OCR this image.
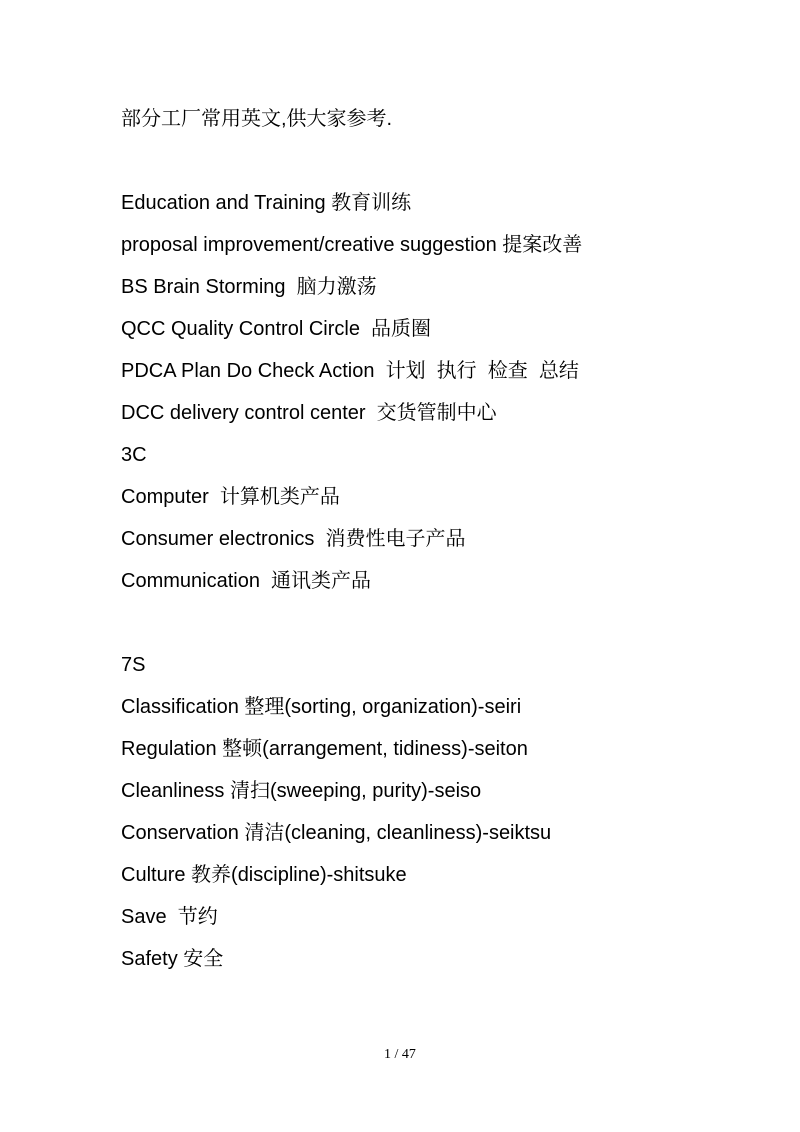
部分工厂常用英文,供大家参考.
Education and Training 教育训练
proposal improvement/creative suggestion 提案改善
BS Brain Storming  脑力激荡
QCC Quality Control Circle  品质圈
PDCA Plan Do Check Action  计划  执行  检查  总结
DCC delivery control center  交货管制中心
3C
Computer  计算机类产品
Consumer electronics  消费性电子产品
Communication  通讯类产品
7S
Classification 整理(sorting, organization)-seiri
Regulation 整顿(arrangement, tidiness)-seiton
Cleanliness 清扫(sweeping, purity)-seiso
Conservation 清洁(cleaning, cleanliness)-seiktsu
Culture 教养(discipline)-shitsuke
Save  节约
Safety 安全
1 / 47
